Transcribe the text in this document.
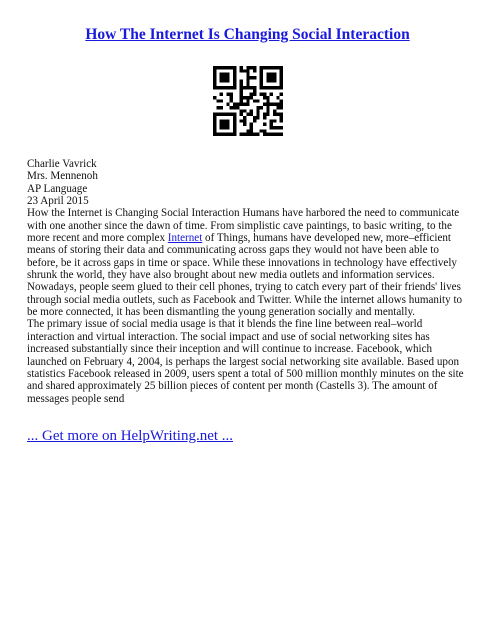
How The Internet Is Changing Social Interaction
Charlie Vavrick
Mrs. Mennenoh
AP Language
23 April 2015

How the Internet is Changing Social Interaction Humans have harbored the need to communicate with one another since the dawn of time. From simplistic cave paintings, to basic writing, to the more recent and more complex Internet of Things, humans have developed new, more–efficient means of storing their data and communicating across gaps they would not have been able to before, be it across gaps in time or space. While these innovations in technology have effectively shrunk the world, they have also brought about new media outlets and information services. Nowadays, people seem glued to their cell phones, trying to catch every part of their friends' lives through social media outlets, such as Facebook and Twitter. While the internet allows humanity to be more connected, it has been dismantling the young generation socially and mentally.

The primary issue of social media usage is that it blends the fine line between real–world interaction and virtual interaction. The social impact and use of social networking sites has increased substantially since their inception and will continue to increase. Facebook, which launched on February 4, 2004, is perhaps the largest social networking site available. Based upon statistics Facebook released in 2009, users spent a total of 500 million monthly minutes on the site and shared approximately 25 billion pieces of content per month (Castells 3). The amount of messages people send

... Get more on HelpWriting.net ...
